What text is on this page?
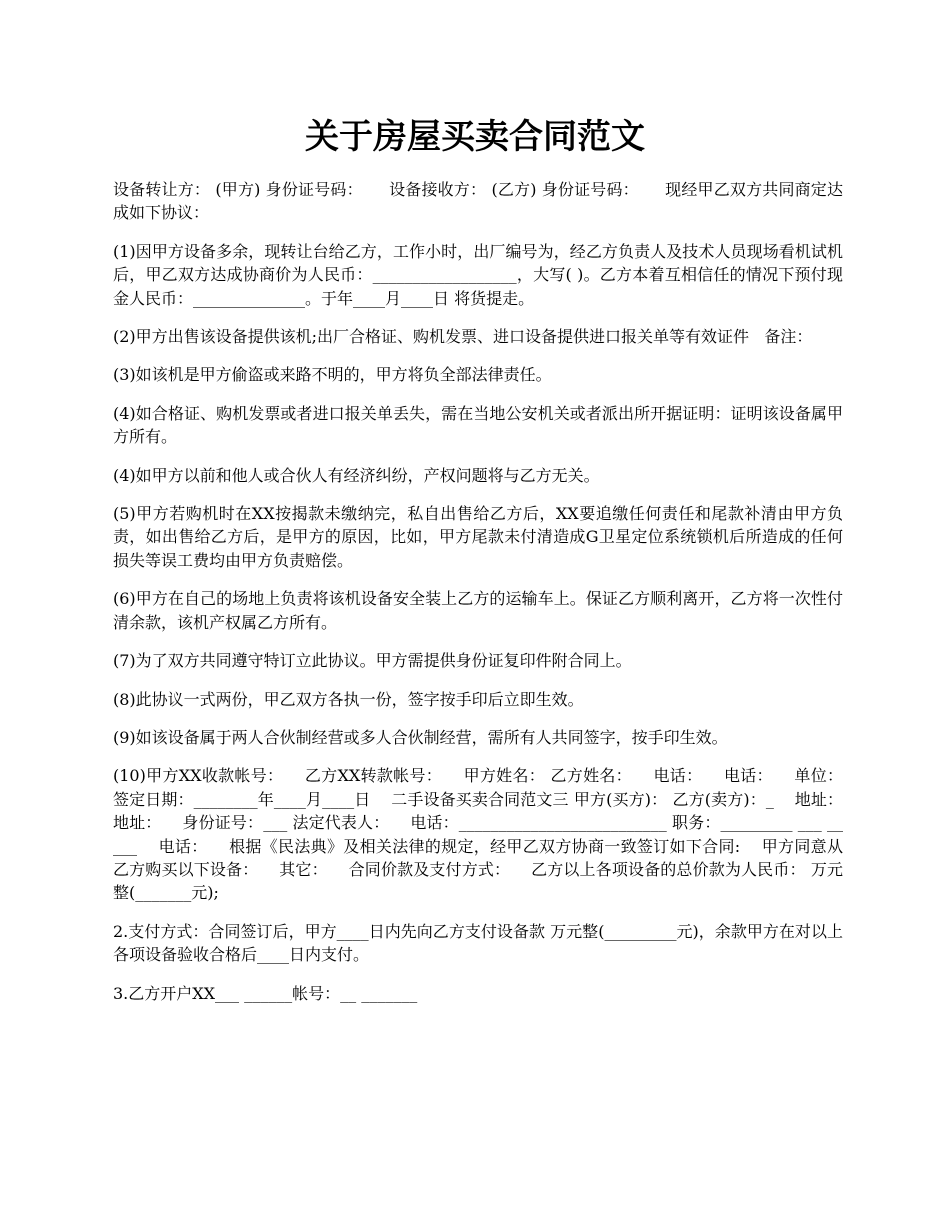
关于房屋买卖合同范文

设备转让方： (甲方) 身份证号码：     设备接收方： (乙方) 身份证号码：     现经甲乙双方共同商定达成如下协议：

(1)因甲方设备多余，现转让台给乙方，工作小时，出厂编号为，经乙方负责人及技术人员现场看机试机后，甲乙双方达成协商价为人民币：__________________，大写( )。乙方本着互相信任的情况下预付现金人民币：______________。于年____月____日 将货提走。

(2)甲方出售该设备提供该机;出厂合格证、购机发票、进口设备提供进口报关单等有效证件   备注：

(3)如该机是甲方偷盗或来路不明的，甲方将负全部法律责任。

(4)如合格证、购机发票或者进口报关单丢失，需在当地公安机关或者派出所开据证明：证明该设备属甲方所有。

(4)如甲方以前和他人或合伙人有经济纠纷，产权问题将与乙方无关。

(5)甲方若购机时在XX按揭款未缴纳完，私自出售给乙方后，XX要追缴任何责任和尾款补清由甲方负责，如出售给乙方后，是甲方的原因，比如，甲方尾款未付清造成G卫星定位系统锁机后所造成的任何损失等误工费均由甲方负责赔偿。

(6)甲方在自己的场地上负责将该机设备安全装上乙方的运输车上。保证乙方顺利离开，乙方将一次性付清余款，该机产权属乙方所有。

(7)为了双方共同遵守特订立此协议。甲方需提供身份证复印件附合同上。

(8)此协议一式两份，甲乙双方各执一份，签字按手印后立即生效。

(9)如该设备属于两人合伙制经营或多人合伙制经营，需所有人共同签字，按手印生效。

(10)甲方XX收款帐号：    乙方XX转款帐号：    甲方姓名： 乙方姓名：    电话：    电话：    单位：    签定日期：________年____月____日    二手设备买卖合同范文三 甲方(买方)： 乙方(卖方)：_    地址： 地址：    身份证号：___ 法定代表人：    电话：__________________________ 职务：_________ ___ _____    电话：    根据《民法典》及相关法律的规定，经甲乙双方协商一致签订如下合同:    甲方同意从乙方购买以下设备：    其它：    合同价款及支付方式：    乙方以上各项设备的总价款为人民币： 万元整(_______元);

2.支付方式：合同签订后，甲方____日内先向乙方支付设备款 万元整(_________元)，余款甲方在对以上各项设备验收合格后____日内支付。

3.乙方开户XX___ ______帐号：__ _______
